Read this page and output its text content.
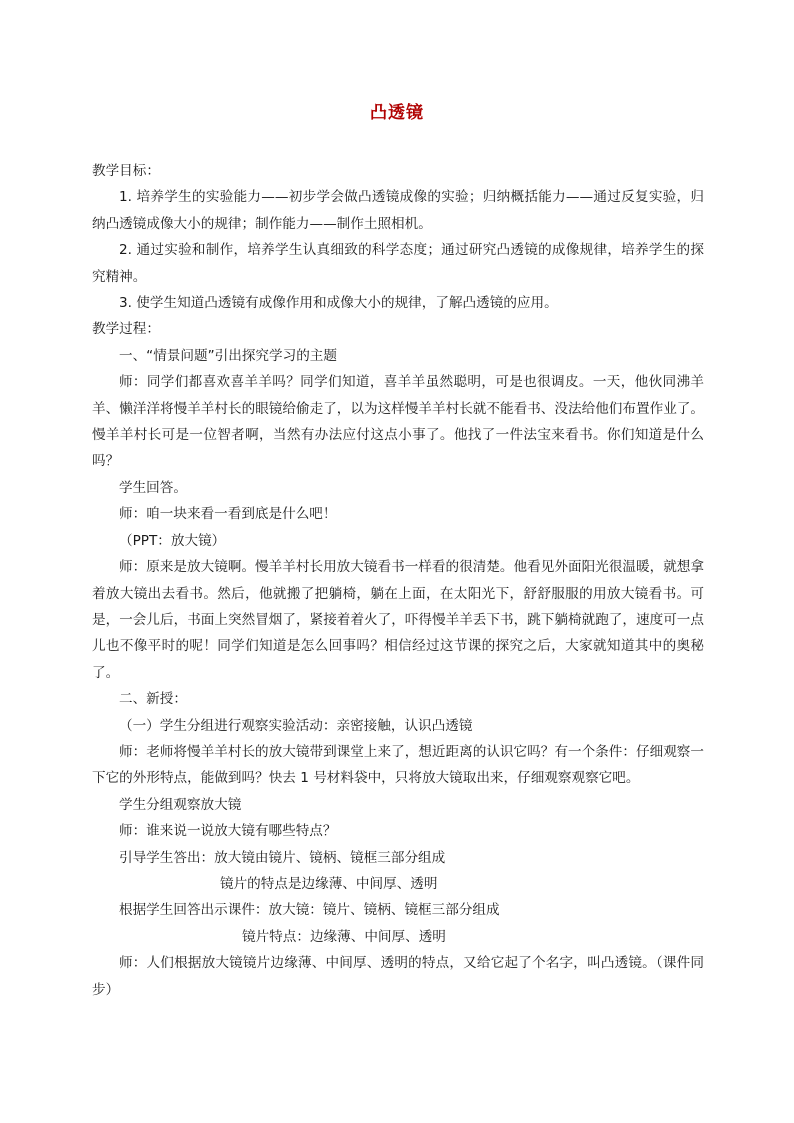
凸透镜

教学目标：

1. 培养学生的实验能力——初步学会做凸透镜成像的实验；归纳概括能力——通过反复实验，归纳凸透镜成像大小的规律；制作能力——制作土照相机。

2. 通过实验和制作，培养学生认真细致的科学态度；通过研究凸透镜的成像规律，培养学生的探究精神。

3. 使学生知道凸透镜有成像作用和成像大小的规律，了解凸透镜的应用。

教学过程：

一、“情景问题”引出探究学习的主题

师：同学们都喜欢喜羊羊吗？同学们知道，喜羊羊虽然聪明，可是也很调皮。一天，他伙同沸羊羊、懒洋洋将慢羊羊村长的眼镜给偷走了，以为这样慢羊羊村长就不能看书、没法给他们布置作业了。慢羊羊村长可是一位智者啊，当然有办法应付这点小事了。他找了一件法宝来看书。你们知道是什么吗？

学生回答。

师：咱一块来看一看到底是什么吧！

（PPT：放大镜）

师：原来是放大镜啊。慢羊羊村长用放大镜看书一样看的很清楚。他看见外面阳光很温暖，就想拿着放大镜出去看书。然后，他就搬了把躺椅，躺在上面，在太阳光下，舒舒服服的用放大镜看书。可是，一会儿后，书面上突然冒烟了，紧接着着火了，吓得慢羊羊丢下书，跳下躺椅就跑了，速度可一点儿也不像平时的呢！同学们知道是怎么回事吗？相信经过这节课的探究之后，大家就知道其中的奥秘了。

二、新授：

（一）学生分组进行观察实验活动：亲密接触，认识凸透镜

师：老师将慢羊羊村长的放大镜带到课堂上来了，想近距离的认识它吗？有一个条件：仔细观察一下它的外形特点，能做到吗？快去 1 号材料袋中，只将放大镜取出来，仔细观察观察它吧。

学生分组观察放大镜

师：谁来说一说放大镜有哪些特点？

引导学生答出：放大镜由镜片、镜柄、镜框三部分组成

镜片的特点是边缘薄、中间厚、透明

根据学生回答出示课件：放大镜：镜片、镜柄、镜框三部分组成

镜片特点：边缘薄、中间厚、透明

师：人们根据放大镜镜片边缘薄、中间厚、透明的特点，又给它起了个名字，叫凸透镜。（课件同步）
